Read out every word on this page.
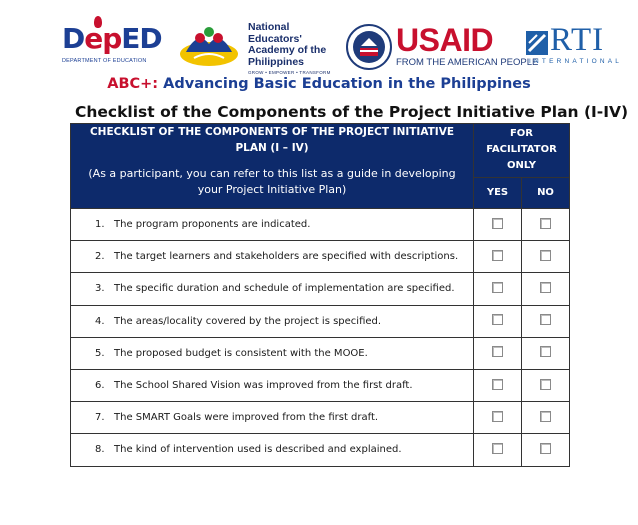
DepED
DEPARTMENT OF EDUCATION
National
Educators'
Academy of the
Philippines
GROW • EMPOWER • TRANSFORM
USAID
FROM THE AMERICAN PEOPLE
RTI
INTERNATIONAL
ABC+: Advancing Basic Education in the Philippines
Checklist of the Components of the Project Initiative Plan (I-IV)
CHECKLIST OF THE COMPONENTS OF THE PROJECT INITIATIVE PLAN (I – IV)
(As a participant, you can refer to this list as a guide in developing your Project Initiative Plan)	FOR FACILITATOR ONLY	
	YES	NO
1. The program proponents are indicated.		
2. The target learners and stakeholders are specified with descriptions.		
3. The specific duration and schedule of implementation are specified.		
4. The areas/locality covered by the project is specified.		
5. The proposed budget is consistent with the MOOE.		
6. The School Shared Vision was improved from the first draft.		
7. The SMART Goals were improved from the first draft.		
8. The kind of intervention used is described and explained.		
